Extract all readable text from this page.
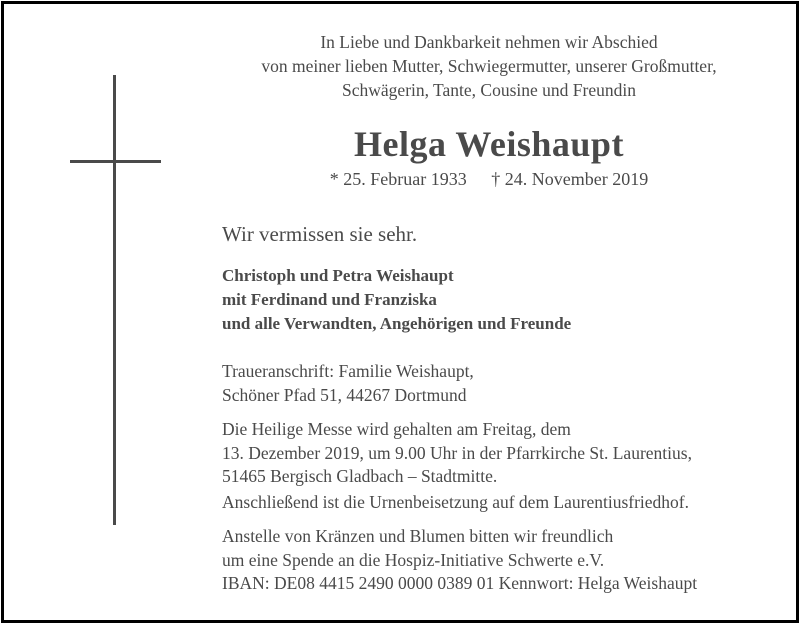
In Liebe und Dankbarkeit nehmen wir Abschied
von meiner lieben Mutter, Schwiegermutter, unserer Großmutter,
Schwägerin, Tante, Cousine und Freundin
Helga Weishaupt
* 25. Februar 1933 † 24. November 2019
Wir vermissen sie sehr.
Christoph und Petra Weishaupt
mit Ferdinand und Franziska
und alle Verwandten, Angehörigen und Freunde
Traueranschrift: Familie Weishaupt,
Schöner Pfad 51, 44267 Dortmund
Die Heilige Messe wird gehalten am Freitag, dem
13. Dezember 2019, um 9.00 Uhr in der Pfarrkirche St. Laurentius,
51465 Bergisch Gladbach – Stadtmitte.
Anschließend ist die Urnenbeisetzung auf dem Laurentiusfriedhof.
Anstelle von Kränzen und Blumen bitten wir freundlich
um eine Spende an die Hospiz-Initiative Schwerte e.V.
IBAN: DE08 4415 2490 0000 0389 01 Kennwort: Helga Weishaupt
